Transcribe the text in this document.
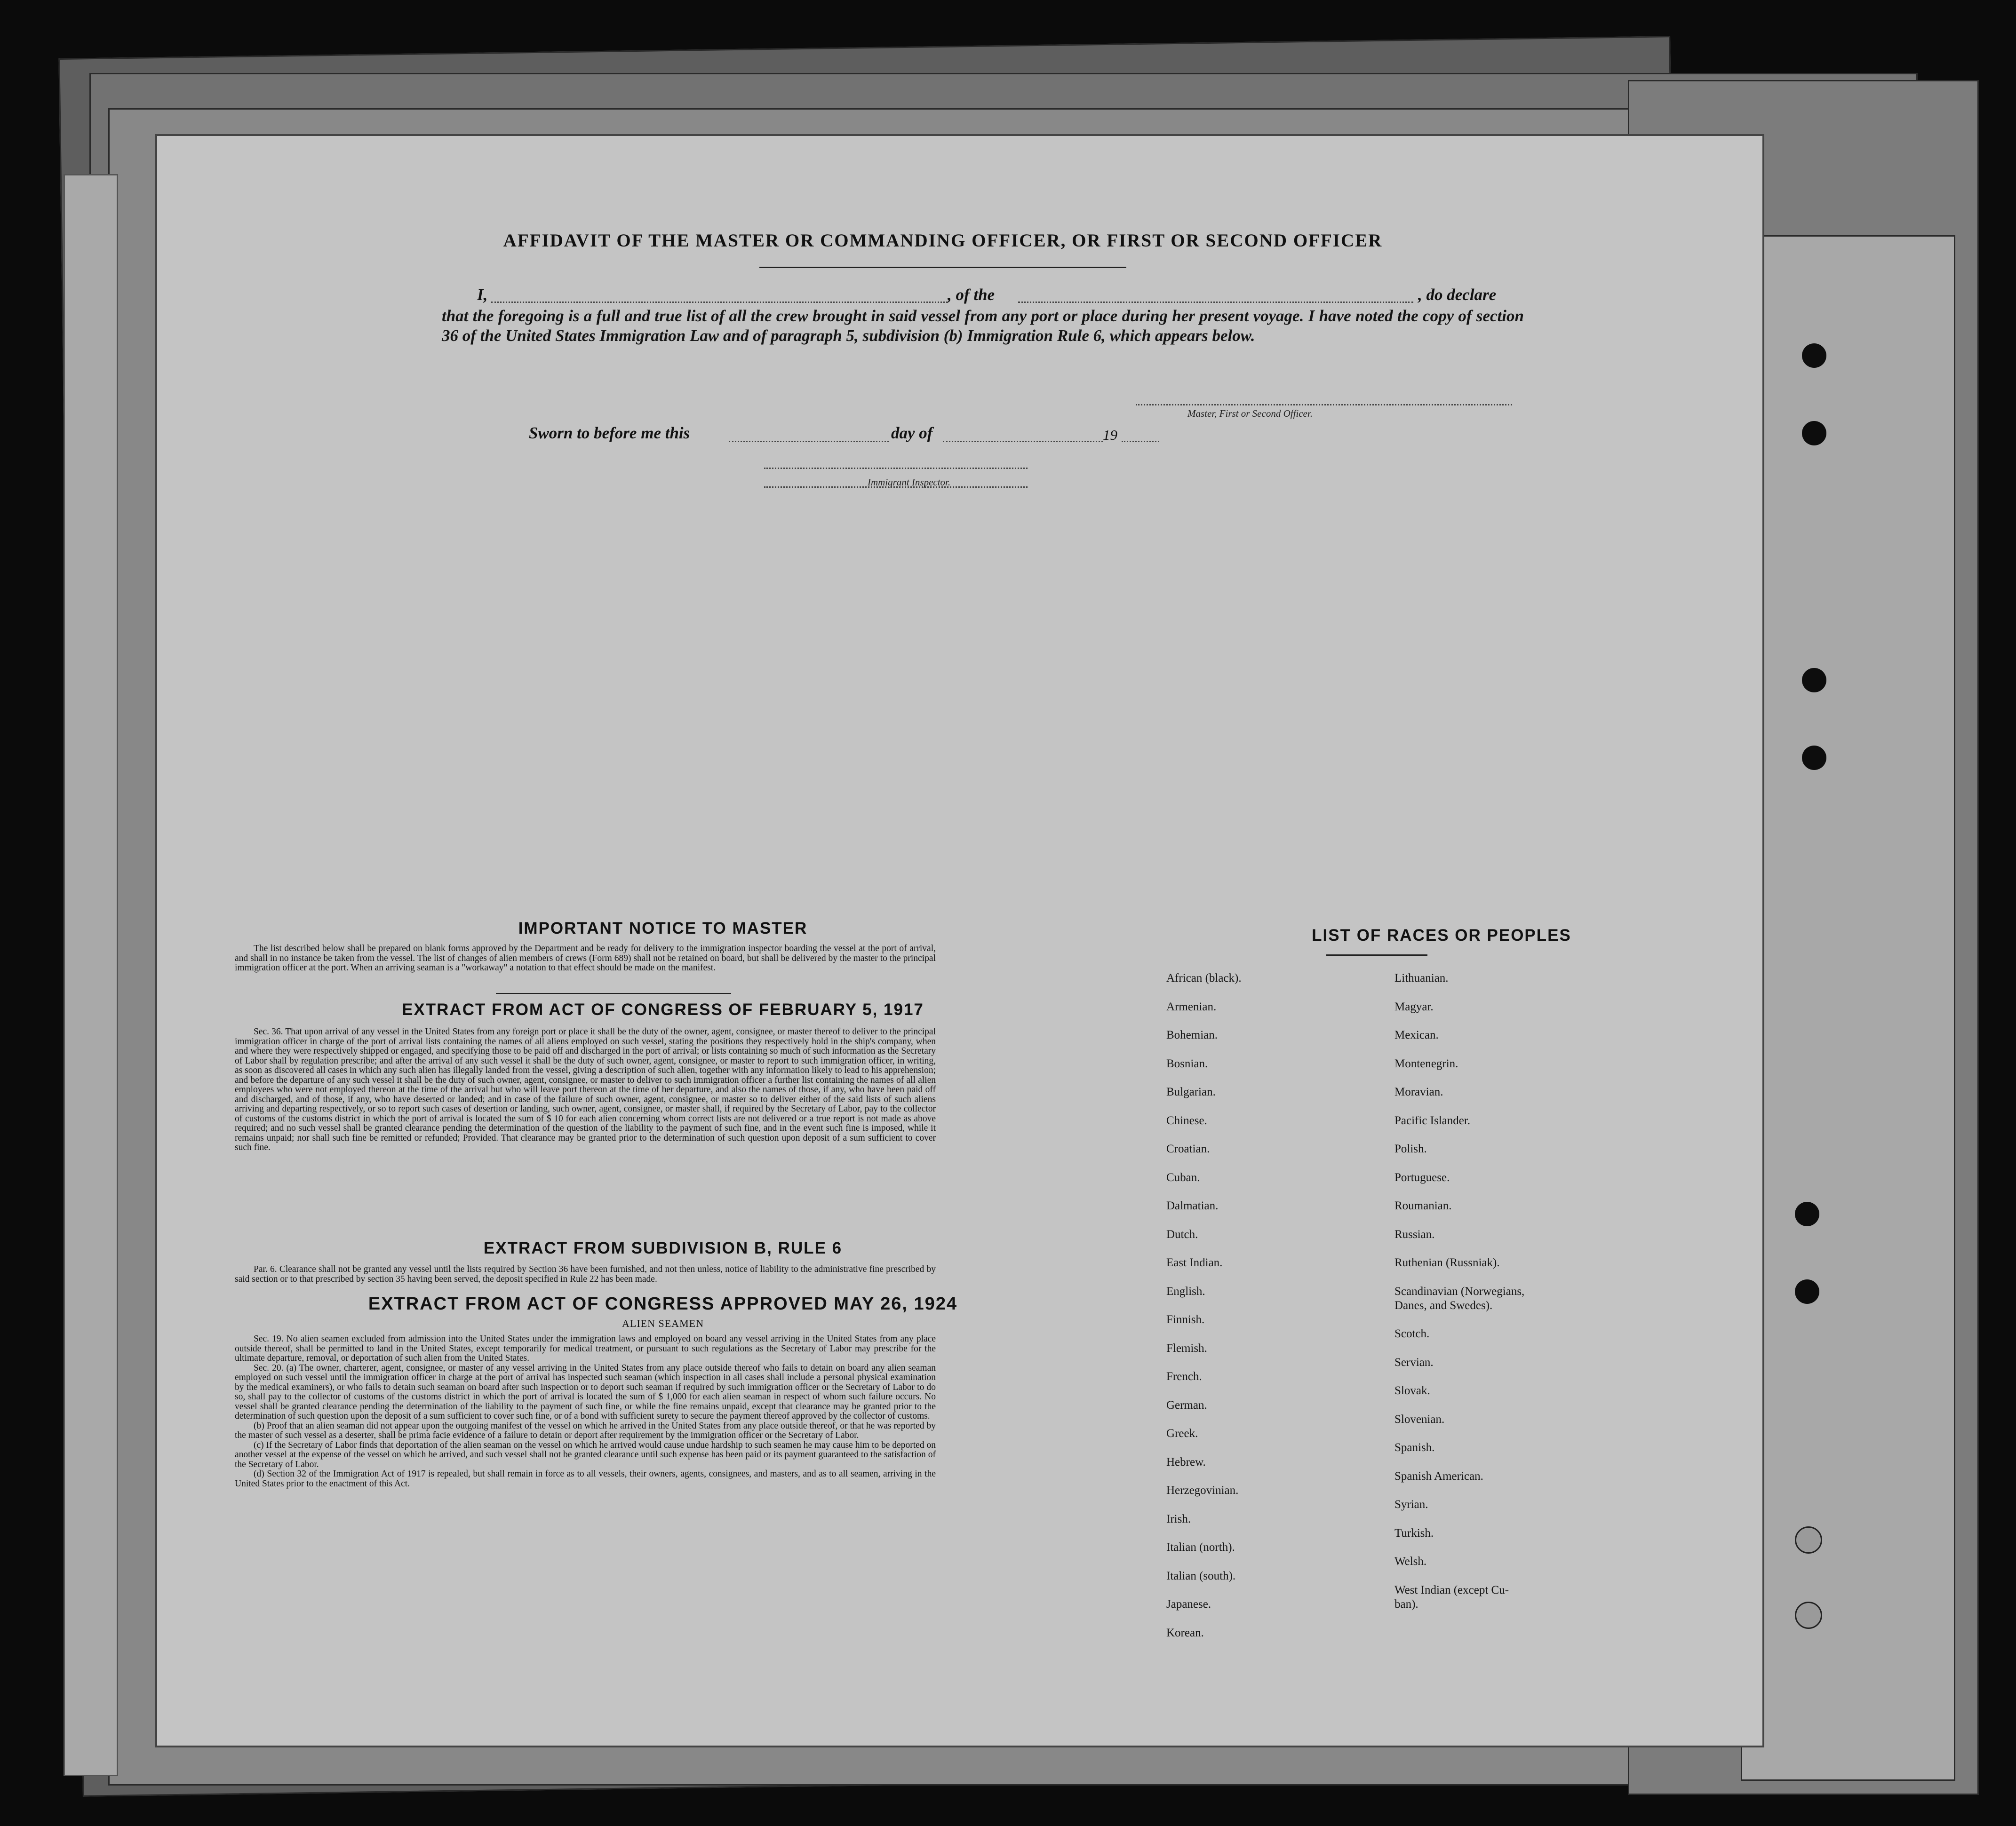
AFFIDAVIT OF THE MASTER OR COMMANDING OFFICER, OR FIRST OR SECOND OFFICER
I,	, of the	, do declare
that the foregoing is a full and true list of all the crew brought in said vessel from any port or place during her present voyage. I have noted the copy of section 36 of the United States Immigration Law and of paragraph 5, subdivision (b) Immigration Rule 6, which appears below.
Master, First or Second Officer.
Sworn to before me this	day of	19
Immigrant Inspector.
IMPORTANT NOTICE TO MASTER

The list described below shall be prepared on blank forms approved by the Department and be ready for delivery to the immigration inspector boarding the vessel at the port of arrival, and shall in no instance be taken from the vessel. The list of changes of alien members of crews (Form 689) shall not be retained on board, but shall be delivered by the master to the principal immigration officer at the port. When an arriving seaman is a "workaway" a notation to that effect should be made on the manifest.

EXTRACT FROM ACT OF CONGRESS OF FEBRUARY 5, 1917

Sec. 36. That upon arrival of any vessel in the United States from any foreign port or place it shall be the duty of the owner, agent, consignee, or master thereof to deliver to the principal immigration officer in charge of the port of arrival lists containing the names of all aliens employed on such vessel, stating the positions they respectively hold in the ship's company, when and where they were respectively shipped or engaged, and specifying those to be paid off and discharged in the port of arrival; or lists containing so much of such information as the Secretary of Labor shall by regulation prescribe; and after the arrival of any such vessel it shall be the duty of such owner, agent, consignee, or master to report to such immigration officer, in writing, as soon as discovered all cases in which any such alien has illegally landed from the vessel, giving a description of such alien, together with any information likely to lead to his apprehension; and before the departure of any such vessel it shall be the duty of such owner, agent, consignee, or master to deliver to such immigration officer a further list containing the names of all alien employees who were not employed thereon at the time of the arrival but who will leave port thereon at the time of her departure, and also the names of those, if any, who have been paid off and discharged, and of those, if any, who have deserted or landed; and in case of the failure of such owner, agent, consignee, or master so to deliver either of the said lists of such aliens arriving and departing respectively, or so to report such cases of desertion or landing, such owner, agent, consignee, or master shall, if required by the Secretary of Labor, pay to the collector of customs of the customs district in which the port of arrival is located the sum of $ 10 for each alien concerning whom correct lists are not delivered or a true report is not made as above required; and no such vessel shall be granted clearance pending the determination of the question of the liability to the payment of such fine, and in the event such fine is imposed, while it remains unpaid; nor shall such fine be remitted or refunded; Provided. That clearance may be granted prior to the determination of such question upon deposit of a sum sufficient to cover such fine.

EXTRACT FROM SUBDIVISION B, RULE 6

Par. 6. Clearance shall not be granted any vessel until the lists required by Section 36 have been furnished, and not then unless, notice of liability to the administrative fine prescribed by said section or to that prescribed by section 35 having been served, the deposit specified in Rule 22 has been made.

EXTRACT FROM ACT OF CONGRESS APPROVED MAY 26, 1924
ALIEN SEAMEN

Sec. 19. No alien seamen excluded from admission into the United States under the immigration laws and employed on board any vessel arriving in the United States from any place outside thereof, shall be permitted to land in the United States, except temporarily for medical treatment, or pursuant to such regulations as the Secretary of Labor may prescribe for the ultimate departure, removal, or deportation of such alien from the United States.

Sec. 20. (a) The owner, charterer, agent, consignee, or master of any vessel arriving in the United States from any place outside thereof who fails to detain on board any alien seaman employed on such vessel until the immigration officer in charge at the port of arrival has inspected such seaman (which inspection in all cases shall include a personal physical examination by the medical examiners), or who fails to detain such seaman on board after such inspection or to deport such seaman if required by such immigration officer or the Secretary of Labor to do so, shall pay to the collector of customs of the customs district in which the port of arrival is located the sum of $ 1,000 for each alien seaman in respect of whom such failure occurs. No vessel shall be granted clearance pending the determination of the liability to the payment of such fine, or while the fine remains unpaid, except that clearance may be granted prior to the determination of such question upon the deposit of a sum sufficient to cover such fine, or of a bond with sufficient surety to secure the payment thereof approved by the collector of customs.

(b) Proof that an alien seaman did not appear upon the outgoing manifest of the vessel on which he arrived in the United States from any place outside thereof, or that he was reported by the master of such vessel as a deserter, shall be prima facie evidence of a failure to detain or deport after requirement by the immigration officer or the Secretary of Labor.

(c) If the Secretary of Labor finds that deportation of the alien seaman on the vessel on which he arrived would cause undue hardship to such seamen he may cause him to be deported on another vessel at the expense of the vessel on which he arrived, and such vessel shall not be granted clearance until such expense has been paid or its payment guaranteed to the satisfaction of the Secretary of Labor.

(d) Section 32 of the Immigration Act of 1917 is repealed, but shall remain in force as to all vessels, their owners, agents, consignees, and masters, and as to all seamen, arriving in the United States prior to the enactment of this Act.

LIST OF RACES OR PEOPLES
African (black).
Armenian.
Bohemian.
Bosnian.
Bulgarian.
Chinese.
Croatian.
Cuban.
Dalmatian.
Dutch.
East Indian.
English.
Finnish.
Flemish.
French.
German.
Greek.
Hebrew.
Herzegovinian.
Irish.
Italian (north).
Italian (south).
Japanese.
Korean.
Lithuanian.
Magyar.
Mexican.
Montenegrin.
Moravian.
Pacific Islander.
Polish.
Portuguese.
Roumanian.
Russian.
Ruthenian (Russniak).
Scandinavian (Norwegians,
Danes, and Swedes).
Scotch.
Servian.
Slovak.
Slovenian.
Spanish.
Spanish American.
Syrian.
Turkish.
Welsh.
West Indian (except Cu-
ban).
